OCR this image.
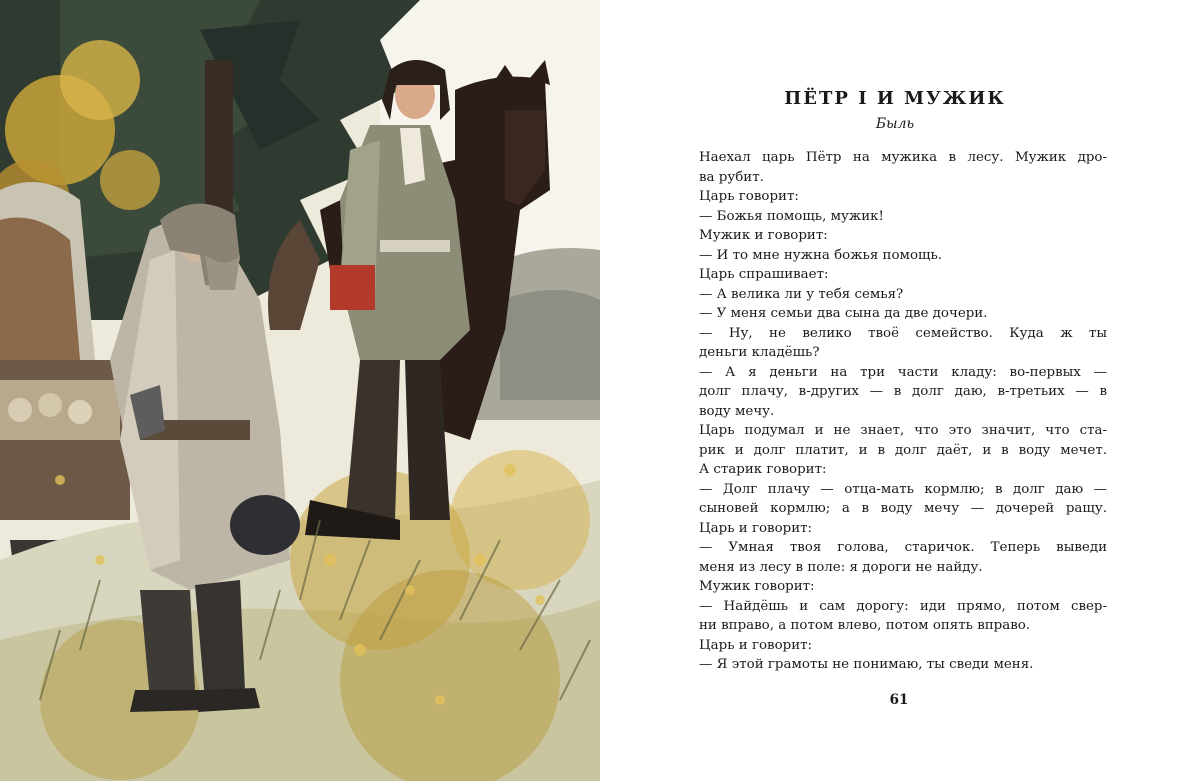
ПЁТР I И МУЖИК
Быль
Наехал царь Пётр на мужика в лесу. Мужик дро-
ва рубит.
Царь говорит:
— Божья помощь, мужик!
Мужик и говорит:
— И то мне нужна божья помощь.
Царь спрашивает:
— А велика ли у тебя семья?
— У меня семьи два сына да две дочери.
— Ну, не велико твоё семейство. Куда ж ты
деньги кладёшь?
— А я деньги на три части кладу: во-первых —
долг плачу, в-других — в долг даю, в-третьих — в
воду мечу.
Царь подумал и не знает, что это значит, что ста-
рик и долг платит, и в долг даёт, и в воду мечет.
А старик говорит:
— Долг плачу — отца-мать кормлю; в долг даю —
сыновей кормлю; а в воду мечу — дочерей ращу.
Царь и говорит:
— Умная твоя голова, старичок. Теперь выведи
меня из лесу в поле: я дороги не найду.
Мужик говорит:
— Найдёшь и сам дорогу: иди прямо, потом свер-
ни вправо, а потом влево, потом опять вправо.
Царь и говорит:
— Я этой грамоты не понимаю, ты сведи меня.
61
